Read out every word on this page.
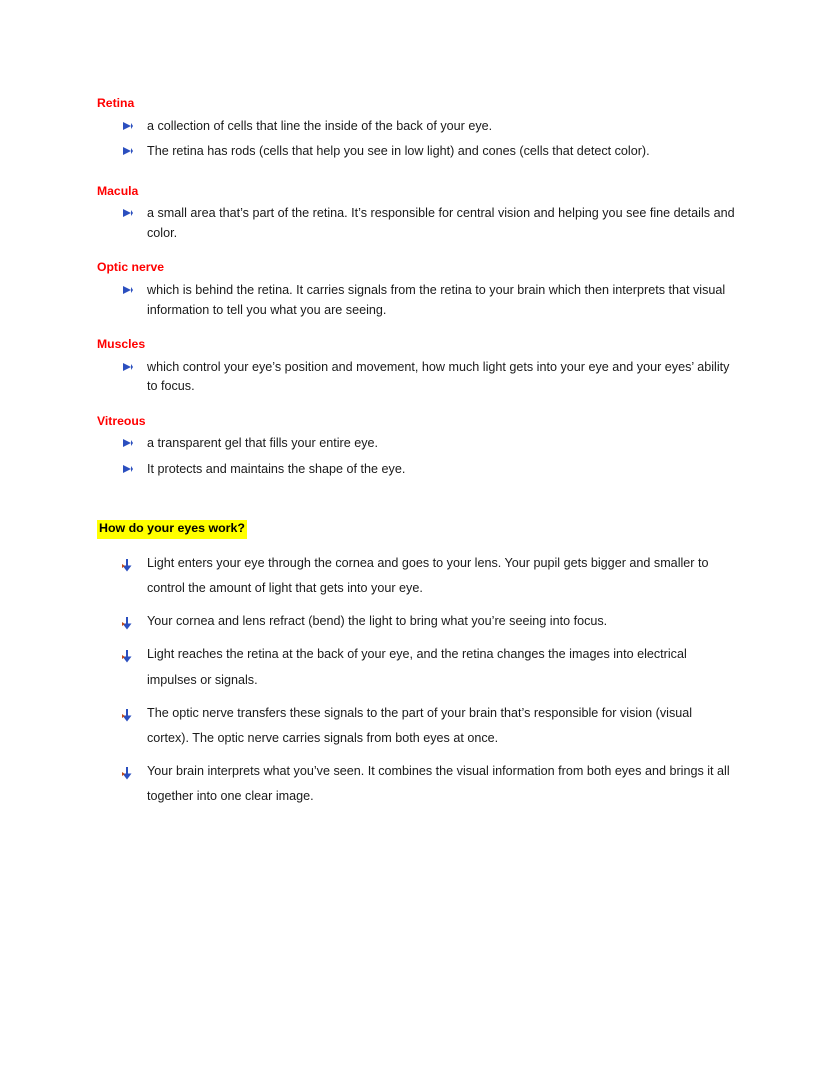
Retina
a collection of cells that line the inside of the back of your eye.
The retina has rods (cells that help you see in low light) and cones (cells that detect color).
Macula
a small area that’s part of the retina. It’s responsible for central vision and helping you see fine details and color.
Optic nerve
which is behind the retina. It carries signals from the retina to your brain which then interprets that visual information to tell you what you are seeing.
Muscles
which control your eye’s position and movement, how much light gets into your eye and your eyes’ ability to focus.
Vitreous
a transparent gel that fills your entire eye.
It protects and maintains the shape of the eye.
How do your eyes work?
Light enters your eye through the cornea and goes to your lens. Your pupil gets bigger and smaller to control the amount of light that gets into your eye.
Your cornea and lens refract (bend) the light to bring what you’re seeing into focus.
Light reaches the retina at the back of your eye, and the retina changes the images into electrical impulses or signals.
The optic nerve transfers these signals to the part of your brain that’s responsible for vision (visual cortex). The optic nerve carries signals from both eyes at once.
Your brain interprets what you’ve seen. It combines the visual information from both eyes and brings it all together into one clear image.
